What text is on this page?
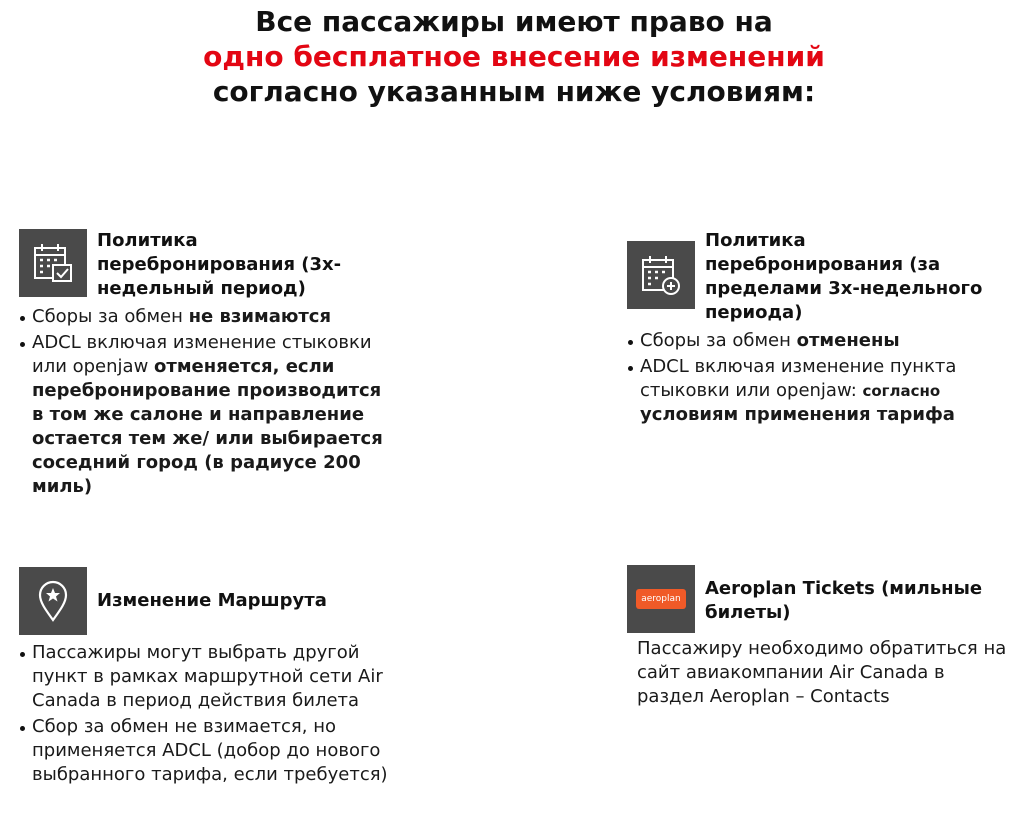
Все пассажиры имеют право на
одно бесплатное внесение изменений
согласно указанным ниже условиям:
Политика перебронирования (3х-недельный период)
Сборы за обмен не взимаются
ADCL включая изменение стыковки или openjaw отменяется, если перебронирование производится в том же салоне и направление остается тем же/ или выбирается соседний город (в радиусе 200 миль)
Политика перебронирования (за пределами 3х-недельного периода)
Сборы за обмен отменены
ADCL включая изменение пункта стыковки или openjaw: согласно условиям применения тарифа
Изменение Маршрута
Пассажиры могут выбрать другой пункт в рамках маршрутной сети Air Canada в период действия билета
Сбор за обмен не взимается, но применяется ADCL (добор до нового выбранного тарифа, если требуется)
aeroplan Aeroplan Tickets (мильные билеты)
Пассажиру необходимо обратиться на сайт авиакомпании Air Canada в раздел Aeroplan – Contacts
